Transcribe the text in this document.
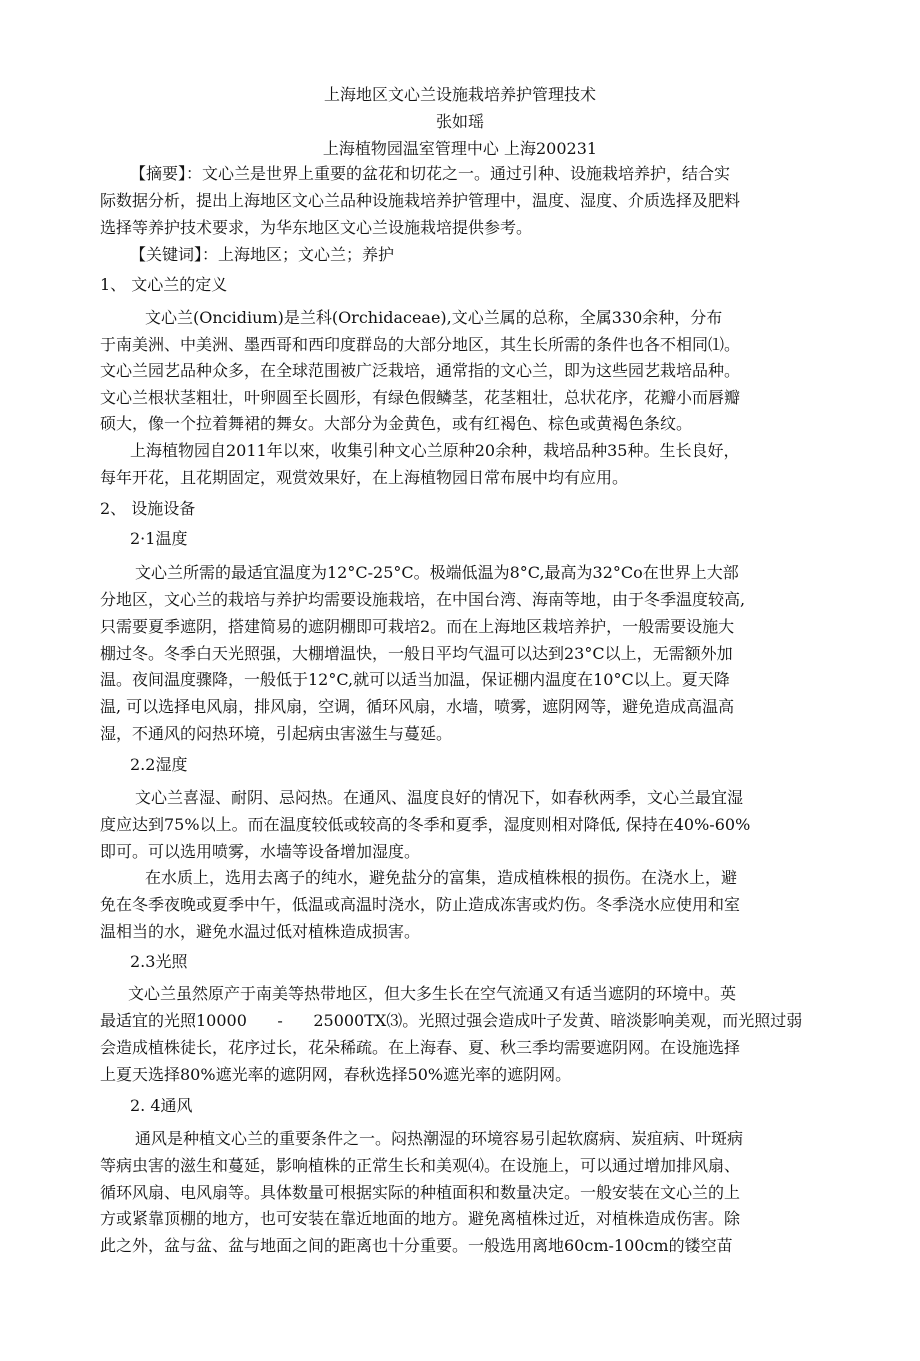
上海地区文心兰设施栽培养护管理技术
张如瑶
上海植物园温室管理中心 上海200231
【摘要】：文心兰是世界上重要的盆花和切花之一。通过引种、设施栽培养护，结合实
际数据分析，提出上海地区文心兰品种设施栽培养护管理中，温度、湿度、介质选择及肥料
选择等养护技术要求，为华东地区文心兰设施栽培提供参考。
【关键词】：上海地区；文心兰；养护
1、 文心兰的定义
文心兰(Oncidium)是兰科(Orchidaceae),文心兰属的总称，全属330余种，分布
于南美洲、中美洲、墨西哥和西印度群岛的大部分地区，其生长所需的条件也各不相同⑴。
文心兰园艺品种众多，在全球范围被广泛栽培，通常指的文心兰，即为这些园艺栽培品种。
文心兰根状茎粗壮，叶卵圆至长圆形，有绿色假鳞茎，花茎粗壮，总状花序，花瓣小而唇瓣
硕大，像一个拉着舞裙的舞女。大部分为金黄色，或有红褐色、棕色或黄褐色条纹。
上海植物园自2011年以來，收集引种文心兰原种20余种，栽培品种35种。生长良好，
每年开花，且花期固定，观赏效果好，在上海植物园日常布展中均有应用。
2、 设施设备
2·1温度
文心兰所需的最适宜温度为12°C-25°C。极端低温为8°C,最高为32°Co在世界上大部
分地区，文心兰的栽培与养护均需要设施栽培，在中国台湾、海南等地，由于冬季温度较高,
只需要夏季遮阴，搭建简易的遮阴棚即可栽培2。而在上海地区栽培养护，一般需要设施大
棚过冬。冬季白天光照强，大棚增温快，一般日平均气温可以达到23°C以上，无需额外加
温。夜间温度骤降，一般低于12°C,就可以适当加温，保证棚内温度在10°C以上。夏天降
温, 可以选择电风扇，排风扇，空调，循环风扇，水墙，喷雾，遮阴网等，避免造成高温高
湿，不通风的闷热环境，引起病虫害滋生与蔓延。
2.2湿度
文心兰喜湿、耐阴、忌闷热。在通风、温度良好的情况下，如春秋两季，文心兰最宜湿
度应达到75%以上。而在温度较低或较高的冬季和夏季，湿度则相对降低, 保持在40%-60%
即可。可以选用喷雾，水墙等设备增加湿度。
在水质上，选用去离子的纯水，避免盐分的富集，造成植株根的损伤。在浇水上，避
免在冬季夜晚或夏季中午，低温或高温时浇水，防止造成冻害或灼伤。冬季浇水应使用和室
温相当的水，避免水温过低对植株造成损害。
2.3光照
文心兰虽然原产于南美等热带地区，但大多生长在空气流通又有适当遮阴的环境中。英
最适宜的光照10000      -      25000TX⑶。光照过强会造成叶子发黄、暗淡影响美观，而光照过弱
会造成植株徒长，花序过长，花朵稀疏。在上海春、夏、秋三季均需要遮阴网。在设施选择
上夏天选择80%遮光率的遮阴网，春秋选择50%遮光率的遮阴网。
2. 4通风
通风是种植文心兰的重要条件之一。闷热潮湿的环境容易引起软腐病、炭疽病、叶斑病
等病虫害的滋生和蔓延，影响植株的正常生长和美观⑷。在设施上，可以通过增加排风扇、
循环风扇、电风扇等。具体数量可根据实际的种植面积和数量决定。一般安装在文心兰的上
方或紧靠顶棚的地方，也可安装在靠近地面的地方。避免离植株过近，对植株造成伤害。除
此之外，盆与盆、盆与地面之间的距离也十分重要。一般选用离地60cm-100cm的镂空苗
